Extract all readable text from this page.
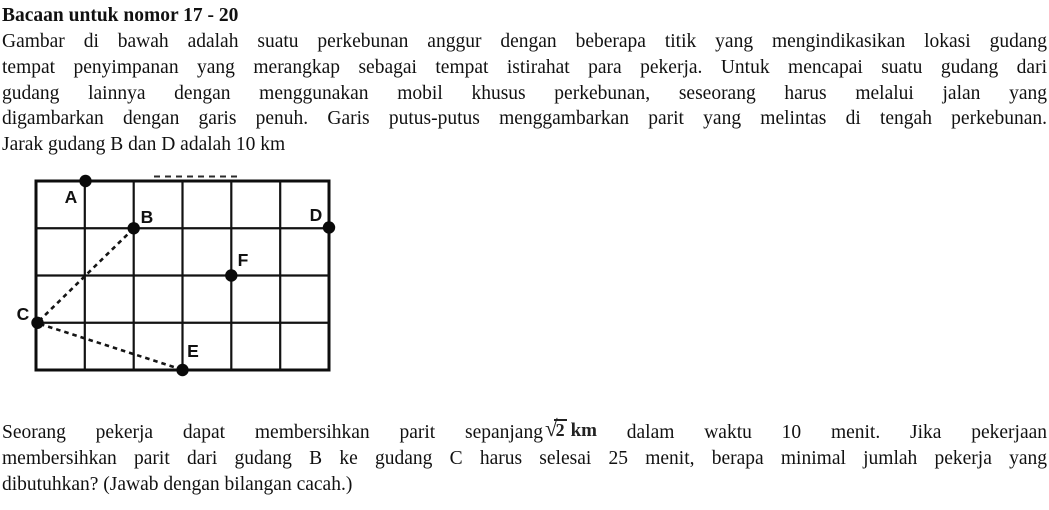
Bacaan untuk nomor 17 - 20
Gambar di bawah adalah suatu perkebunan anggur dengan beberapa titik yang mengindikasikan lokasi gudang
tempat penyimpanan yang merangkap sebagai tempat istirahat para pekerja. Untuk mencapai suatu gudang dari
gudang lainnya dengan menggunakan mobil khusus perkebunan, seseorang harus melalui jalan yang
digambarkan dengan garis penuh. Garis putus-putus menggambarkan parit yang melintas di tengah perkebunan.
Jarak gudang B dan D adalah 10 km
A
B
C
D
E
F
Seorang pekerja dapat membersihkan parit sepanjang√2 km dalam waktu 10 menit. Jika pekerjaan
membersihkan parit dari gudang B ke gudang C harus selesai 25 menit, berapa minimal jumlah pekerja yang
dibutuhkan? (Jawab dengan bilangan cacah.)
